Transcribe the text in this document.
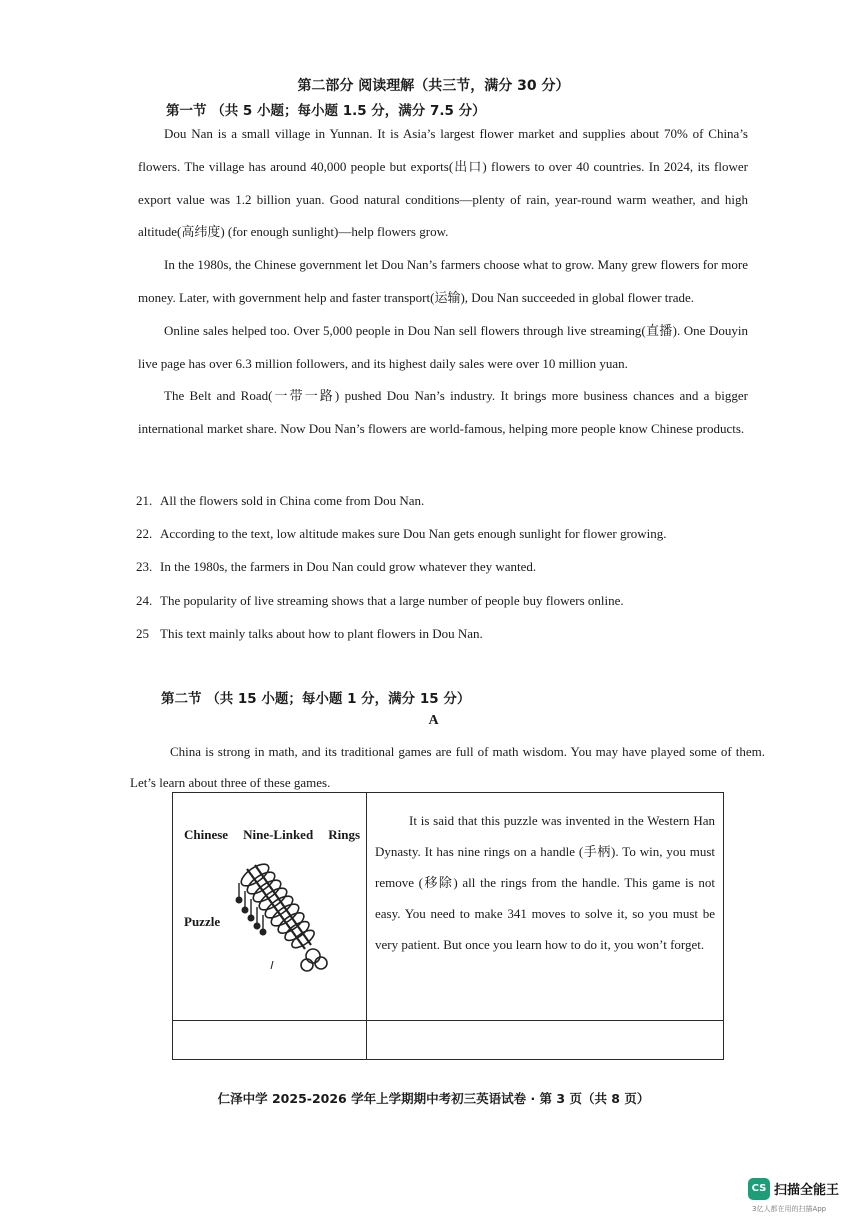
第二部分 阅读理解（共三节，满分 30 分）
第一节 （共 5 小题；每小题 1.5 分，满分 7.5 分）

Dou Nan is a small village in Yunnan. It is Asia’s largest flower market and supplies about 70% of China’s flowers. The village has around 40,000 people but exports(出口) flowers to over 40 countries. In 2024, its flower export value was 1.2 billion yuan. Good natural conditions—plenty of rain, year-round warm weather, and high altitude(高纬度) (for enough sunlight)—help flowers grow.

In the 1980s, the Chinese government let Dou Nan’s farmers choose what to grow. Many grew flowers for more money. Later, with government help and faster transport(运输), Dou Nan succeeded in global flower trade.

Online sales helped too. Over 5,000 people in Dou Nan sell flowers through live streaming(直播). One Douyin live page has over 6.3 million followers, and its highest daily sales were over 10 million yuan.

The Belt and Road(一带一路) pushed Dou Nan’s industry. It brings more business chances and a bigger international market share. Now Dou Nan’s flowers are world-famous, helping more people know Chinese products.

21. All the flowers sold in China come from Dou Nan.
22. According to the text, low altitude makes sure Dou Nan gets enough sunlight for flower growing.
23. In the 1980s, the farmers in Dou Nan could grow whatever they wanted.
24. The popularity of live streaming shows that a large number of people buy flowers online.
25 This text mainly talks about how to plant flowers in Dou Nan.
第二节 （共 15 小题；每小题 1 分，满分 15 分）
A

China is strong in math, and its traditional games are full of math wisdom. You may have played some of them. Let’s learn about three of these games.

Chinese Nine-Linked Rings
Puzzle	It is said that this puzzle was invented in the Western Han Dynasty. It has nine rings on a handle (手柄). To win, you must remove (移除) all the rings from the handle. This game is not easy. You need to make 341 moves to solve it, so you must be very patient. But once you learn how to do it, you won’t forget.

仁泽中学 2025-2026 学年上学期期中考初三英语试卷 · 第 3 页（共 8 页）
CS 扫描全能王
3亿人都在用的扫描App
